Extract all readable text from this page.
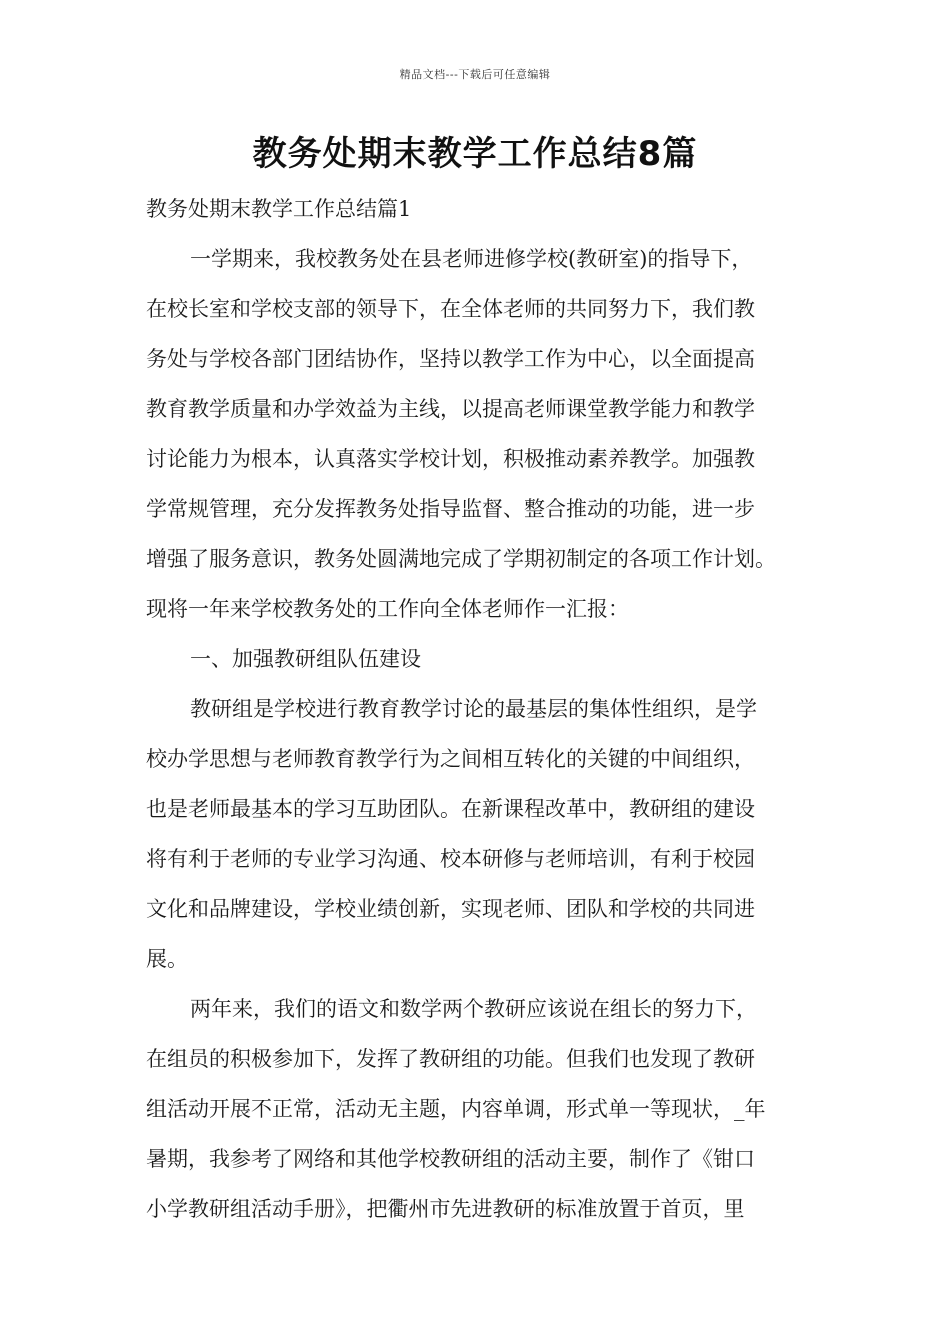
精品文档---下载后可任意编辑
教务处期末教学工作总结8篇
教务处期末教学工作总结篇1
一学期来，我校教务处在县老师进修学校(教研室)的指导下，
在校长室和学校支部的领导下，在全体老师的共同努力下，我们教
务处与学校各部门团结协作，坚持以教学工作为中心，以全面提高
教育教学质量和办学效益为主线，以提高老师课堂教学能力和教学
讨论能力为根本，认真落实学校计划，积极推动素养教学。加强教
学常规管理，充分发挥教务处指导监督、整合推动的功能，进一步
增强了服务意识，教务处圆满地完成了学期初制定的各项工作计划。
现将一年来学校教务处的工作向全体老师作一汇报：
一、加强教研组队伍建设
教研组是学校进行教育教学讨论的最基层的集体性组织，是学
校办学思想与老师教育教学行为之间相互转化的关键的中间组织，
也是老师最基本的学习互助团队。在新课程改革中，教研组的建设
将有利于老师的专业学习沟通、校本研修与老师培训，有利于校园
文化和品牌建设，学校业绩创新，实现老师、团队和学校的共同进
展。
两年来，我们的语文和数学两个教研应该说在组长的努力下，
在组员的积极参加下，发挥了教研组的功能。但我们也发现了教研
组活动开展不正常，活动无主题，内容单调，形式单一等现状，_年
暑期，我参考了网络和其他学校教研组的活动主要，制作了《钳口
小学教研组活动手册》，把衢州市先进教研的标准放置于首页，里
